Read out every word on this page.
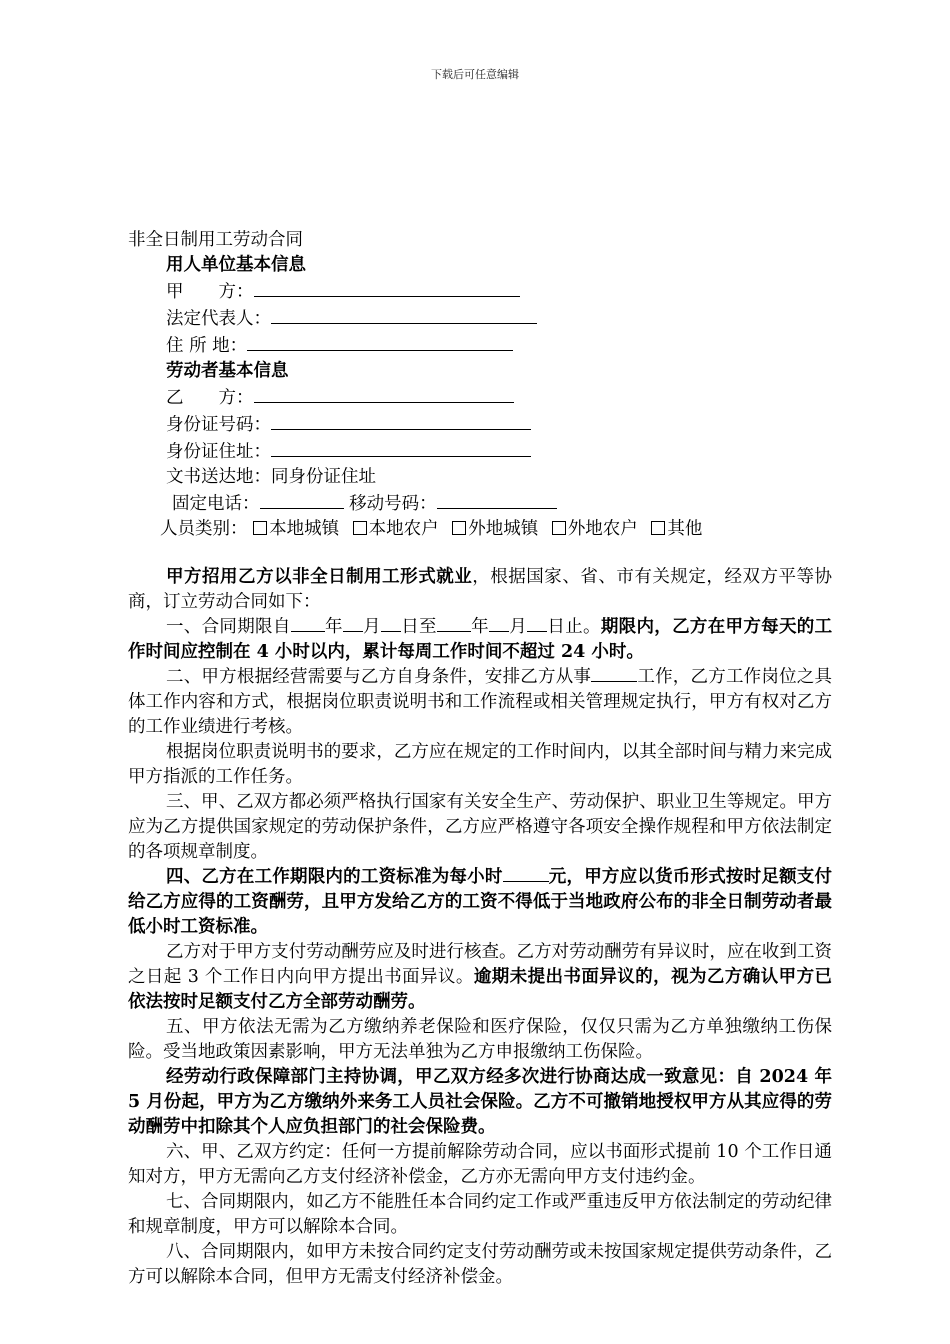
下载后可任意编辑
非全日制用工劳动合同
用人单位基本信息
甲　　方：
法定代表人：
住 所 地：
劳动者基本信息
乙　　方：
身份证号码：
身份证住址：
文书送达地：同身份证住址
固定电话：	移动号码：
人员类别： 本地城镇 本地农户 外地城镇 外地农户 其他

甲方招用乙方以非全日制用工形式就业，根据国家、省、市有关规定，经双方平等协商，订立劳动合同如下：

一、合同期限自 年 月 日至 年 月 日止。期限内，乙方在甲方每天的工作时间应控制在 4 小时以内，累计每周工作时间不超过 24 小时。

二、甲方根据经营需要与乙方自身条件，安排乙方从事	工作，乙方工作岗位之具体工作内容和方式，根据岗位职责说明书和工作流程或相关管理规定执行，甲方有权对乙方的工作业绩进行考核。

根据岗位职责说明书的要求，乙方应在规定的工作时间内，以其全部时间与精力来完成甲方指派的工作任务。

三、甲、乙双方都必须严格执行国家有关安全生产、劳动保护、职业卫生等规定。甲方应为乙方提供国家规定的劳动保护条件，乙方应严格遵守各项安全操作规程和甲方依法制定的各项规章制度。

四、乙方在工作期限内的工资标准为每小时	元，甲方应以货币形式按时足额支付给乙方应得的工资酬劳，且甲方发给乙方的工资不得低于当地政府公布的非全日制劳动者最低小时工资标准。

乙方对于甲方支付劳动酬劳应及时进行核查。乙方对劳动酬劳有异议时，应在收到工资之日起 3 个工作日内向甲方提出书面异议。逾期未提出书面异议的，视为乙方确认甲方已依法按时足额支付乙方全部劳动酬劳。

五、甲方依法无需为乙方缴纳养老保险和医疗保险，仅仅只需为乙方单独缴纳工伤保险。受当地政策因素影响，甲方无法单独为乙方申报缴纳工伤保险。

经劳动行政保障部门主持协调，甲乙双方经多次进行协商达成一致意见：自 2024 年 5 月份起，甲方为乙方缴纳外来务工人员社会保险。乙方不可撤销地授权甲方从其应得的劳动酬劳中扣除其个人应负担部门的社会保险费。

六、甲、乙双方约定：任何一方提前解除劳动合同，应以书面形式提前 10 个工作日通知对方，甲方无需向乙方支付经济补偿金，乙方亦无需向甲方支付违约金。

七、合同期限内，如乙方不能胜任本合同约定工作或严重违反甲方依法制定的劳动纪律和规章制度，甲方可以解除本合同。

八、合同期限内，如甲方未按合同约定支付劳动酬劳或未按国家规定提供劳动条件，乙方可以解除本合同，但甲方无需支付经济补偿金。
